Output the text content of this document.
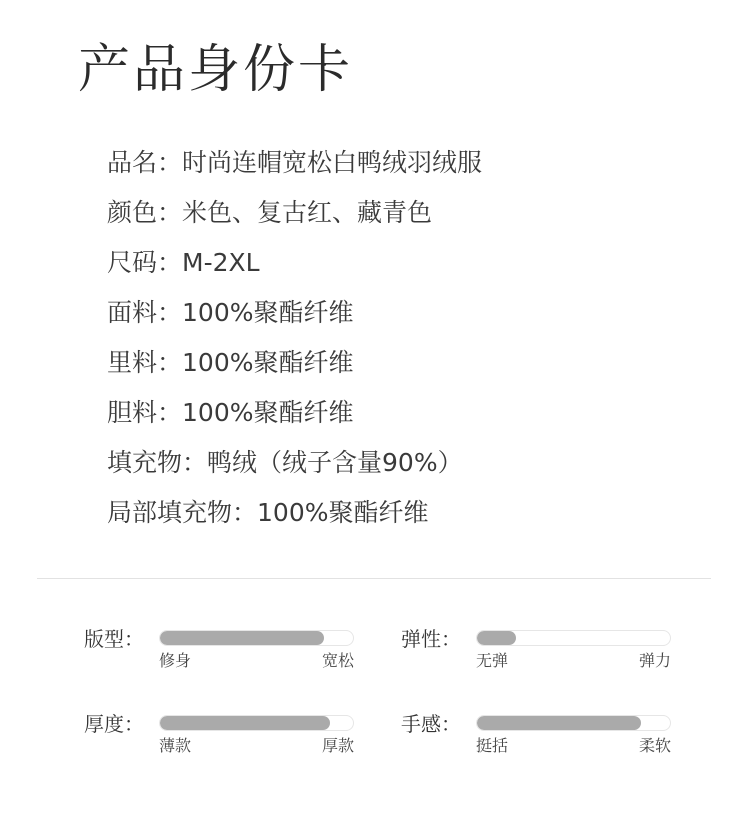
产品身份卡
品名：时尚连帽宽松白鸭绒羽绒服
颜色：米色、复古红、藏青色
尺码：M-2XL
面料：100%聚酯纤维
里料：100%聚酯纤维
胆料：100%聚酯纤维
填充物：鸭绒（绒子含量90%）
局部填充物：100%聚酯纤维
版型：
修身	宽松
弹性：
无弹	弹力
厚度：
薄款	厚款
手感：
挺括	柔软
